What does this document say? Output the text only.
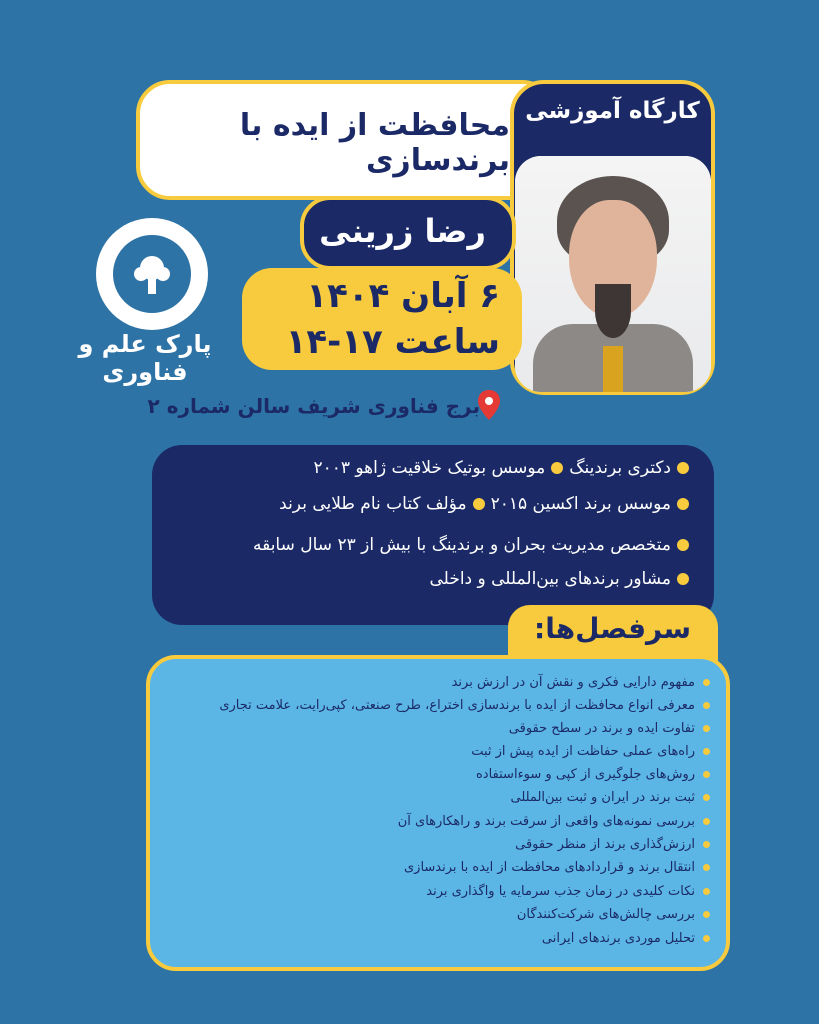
محافظت از ایده با برندسازی
کارگاه آموزشی
رضا زرینی
۶ آبان ۱۴۰۴
ساعت ۱۷-۱۴
پارک علم و فناوری
برج فناوری شریف سالن شماره ۲
دکتری برندینگموسس بوتیک خلاقیت ژاهو ۲۰۰۳
موسس برند اکسین ۲۰۱۵مؤلف کتاب نام طلایی برند
متخصص مدیریت بحران و برندینگ با بیش از ۲۳ سال سابقه
مشاور برندهای بین‌المللی و داخلی
سرفصل‌ها:
مفهوم دارایی فکری و نقش آن در ارزش برند
معرفی انواع محافظت از ایده با برندسازی اختراع، طرح صنعتی، کپی‌رایت، علامت تجاری
تفاوت ایده و برند در سطح حقوقی
راه‌های عملی حفاظت از ایده پیش از ثبت
روش‌های جلوگیری از کپی و سوءاستفاده
ثبت برند در ایران و ثبت بین‌المللی
بررسی نمونه‌های واقعی از سرقت برند و راهکارهای آن
ارزش‌گذاری برند از منظر حقوقی
انتقال برند و قراردادهای محافظت از ایده با برندسازی
نکات کلیدی در زمان جذب سرمایه یا واگذاری برند
بررسی چالش‌های شرکت‌کنندگان
تحلیل موردی برندهای ایرانی
